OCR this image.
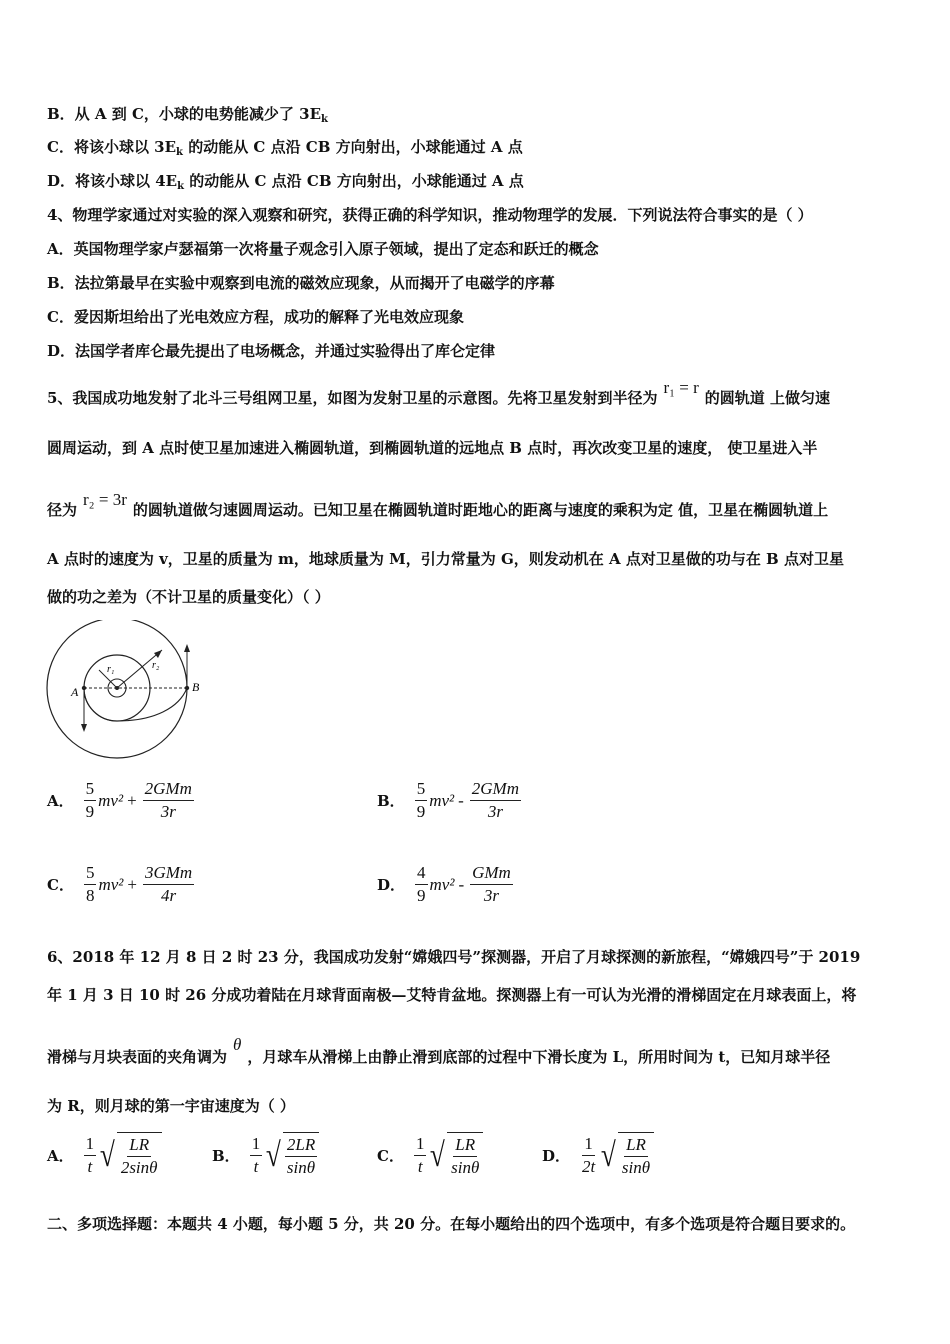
B．从 A 到 C，小球的电势能减少了 $3E_k$
C．将该小球以 $3E_k$ 的动能从 C 点沿 CB 方向射出，小球能通过 A 点
D．将该小球以 $4E_k$ 的动能从 C 点沿 CB 方向射出，小球能通过 A 点
4、物理学家通过对实验的深入观察和研究，获得正确的科学知识，推动物理学的发展．下列说法符合事实的是（ ）
A．英国物理学家卢瑟福第一次将量子观念引入原子领域，提出了定态和跃迁的概念
B．法拉第最早在实验中观察到电流的磁效应现象，从而揭开了电磁学的序幕
C．爱因斯坦给出了光电效应方程，成功的解释了光电效应现象
D．法国学者库仑最先提出了电场概念，并通过实验得出了库仑定律
5、我国成功地发射了北斗三号组网卫星，如图为发射卫星的示意图。先将卫星发射到半径为r₁ = r的圆轨道 上做匀速
圆周运动，到 A 点时使卫星加速进入椭圆轨道，到椭圆轨道的远地点 B 点时，再次改变卫星的速度， 使卫星进入半
径为r₂ = 3r的圆轨道做匀速圆周运动。已知卫星在椭圆轨道时距地心的距离与速度的乘积为定 值，卫星在椭圆轨道上
A 点时的速度为 v，卫星的质量为 m，地球质量为 M，引力常量为 G，则发动机在 A 点对卫星做的功与在 B 点对卫星
做的功之差为（不计卫星的质量变化）（ ）
A	B
r₁	r₂
A． $\frac{5}{9} mv^2 + \frac{\text{2GMm}}{3r}$	B． $\frac{5}{9} mv^2 - \frac{\text{2GMm}}{3r}$
C． $\frac{5}{8} mv^2 + \frac{\text{3GMm}}{4r}$	D． $\frac{4}{9} mv^2 - \frac{\text{GMm}}{3r}$
6、2018 年 12 月 8 日 2 时 23 分，我国成功发射“嫦娥四号”探测器，开启了月球探测的新旅程，“嫦娥四号”于 2019
年 1 月 3 日 10 时 26 分成功着陆在月球背面南极—艾特肯盆地。探测器上有一可认为光滑的滑梯固定在月球表面上，将
滑梯与月块表面的夹角调为θ，月球车从滑梯上由静止滑到底部的过程中下滑长度为 L，所用时间为 t，已知月球半径
为 R，则月球的第一宇宙速度为（ ）
A． $\frac{1}{t}$ √ $\frac{LR}{2\sin\theta}$	B． $\frac{1}{t}$ √ $\frac{2LR}{\sin\theta}$	C． $\frac{1}{t}$ √ $\frac{LR}{\sin\theta}$	D． $\frac{1}{2t}$ √ $\frac{LR}{\sin\theta}$
二、多项选择题：本题共 4 小题，每小题 5 分，共 20 分。在每小题给出的四个选项中，有多个选项是符合题目要求的。
